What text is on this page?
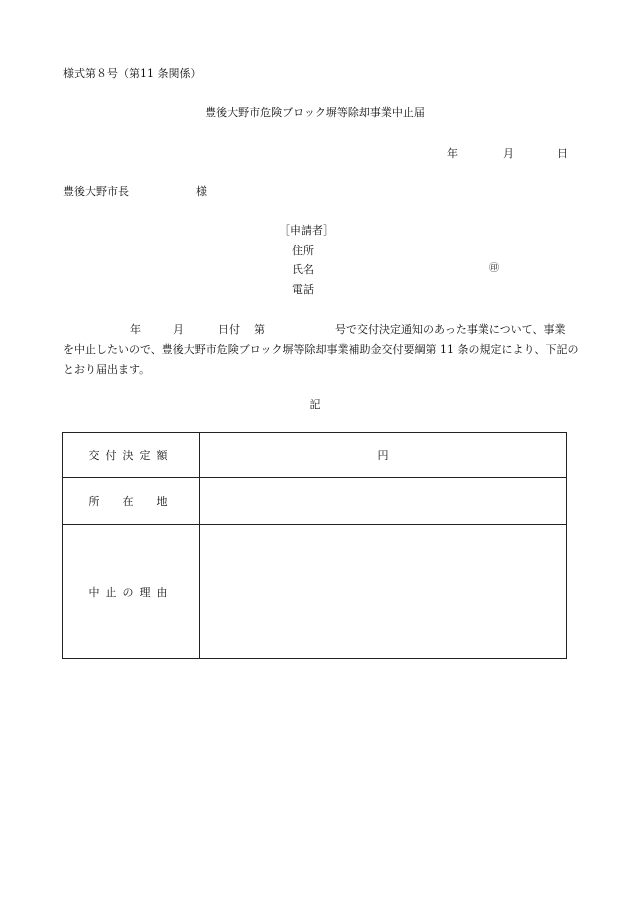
様式第８号（第11 条関係）
豊後大野市危険ブロック塀等除却事業中止届
年	月	日
豊後大野市長	様
［申請者］
住所
氏名	㊞
電話
年	月	日付 第	号で交付決定通知のあった事業について、事業
を中止したいので、豊後大野市危険ブロック塀等除却事業補助金交付要綱第 11 条の規定により、下記の
とおり届出ます。
記
交付決定額	円
所　在　地	
中止の理由	
